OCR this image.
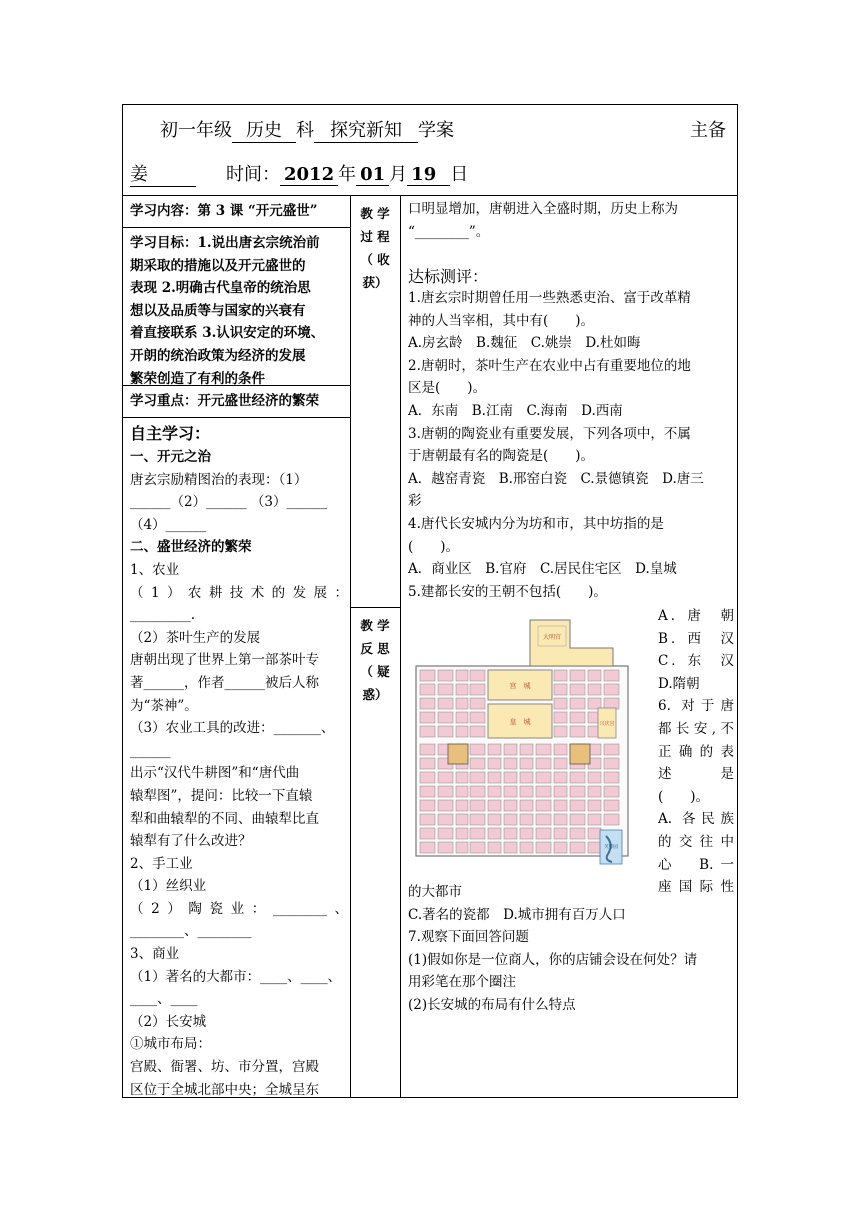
初一年级 历史 科 探究新知 学案	主备
姜	时间： 2012 年 01 月 19 日
学习内容：第 3 课 “开元盛世”
学习目标：1.说出唐玄宗统治前
期采取的措施以及开元盛世的
表现 2.明确古代皇帝的统治思
想以及品质等与国家的兴衰有
着直接联系 3.认识安定的环境、
开朗的统治政策为经济的发展
繁荣创造了有利的条件
学习重点：开元盛世经济的繁荣
自主学习：
一、开元之治
唐玄宗励精图治的表现：（1）
______（2）______ （3）______
（4）______
二、盛世经济的繁荣
1、农业
（1）农耕技术的发展：
_________.
（2）茶叶生产的发展
唐朝出现了世界上第一部茶叶专
著______，作者______被后人称
为“茶神”。
（3）农业工具的改进：_______、
______
出示“汉代牛耕图”和“唐代曲
辕犁图”，提问：比较一下直辕
犁和曲辕犁的不同、曲辕犁比直
辕犁有了什么改进？
2、手工业
（1）丝织业
（2）陶瓷业：________、
________、________
3、商业
（1）著名的大都市：____、____、
____、____
（2）长安城
①城市布局：
宫殿、衙署、坊、市分置，宫殿
区位于全城北部中央；全城呈东
教 学
过 程
（ 收
获）
教 学
反 思
（ 疑
惑）
口明显增加，唐朝进入全盛时期，历史上称为
“________”。
达标测评：
1.唐玄宗时期曾任用一些熟悉吏治、富于改革精
神的人当宰相，其中有(　　)。
A.房玄龄　B.魏征　C.姚崇　D.杜如晦
2.唐朝时，茶叶生产在农业中占有重要地位的地
区是(　　)。
A．东南　B.江南　C.海南　D.西南
3.唐朝的陶瓷业有重要发展，下列各项中，不属
于唐朝最有名的陶瓷是(　　)。
A．越窑青瓷　B.邢窑白瓷　C.景德镇瓷　D.唐三
彩
4.唐代长安城内分为坊和市，其中坊指的是
(　　)。
A．商业区　B.官府　C.居民住宅区　D.皇城
5.建都长安的王朝不包括(　　)。
A．唐　朝
B．西　汉
C．东　汉
D.隋朝
6. 对于唐
都长安,不
正确的表
述　　是
(　　)。
A. 各民族
的交往中
心　B.一
座国际性
大明宫
宫　城
皇　城	兴庆宫
芙蓉园
的大都市
C.著名的瓷都　D.城市拥有百万人口
7.观察下面回答问题
(1)假如你是一位商人，你的店铺会设在何处？请
用彩笔在那个圈注
(2)长安城的布局有什么特点
